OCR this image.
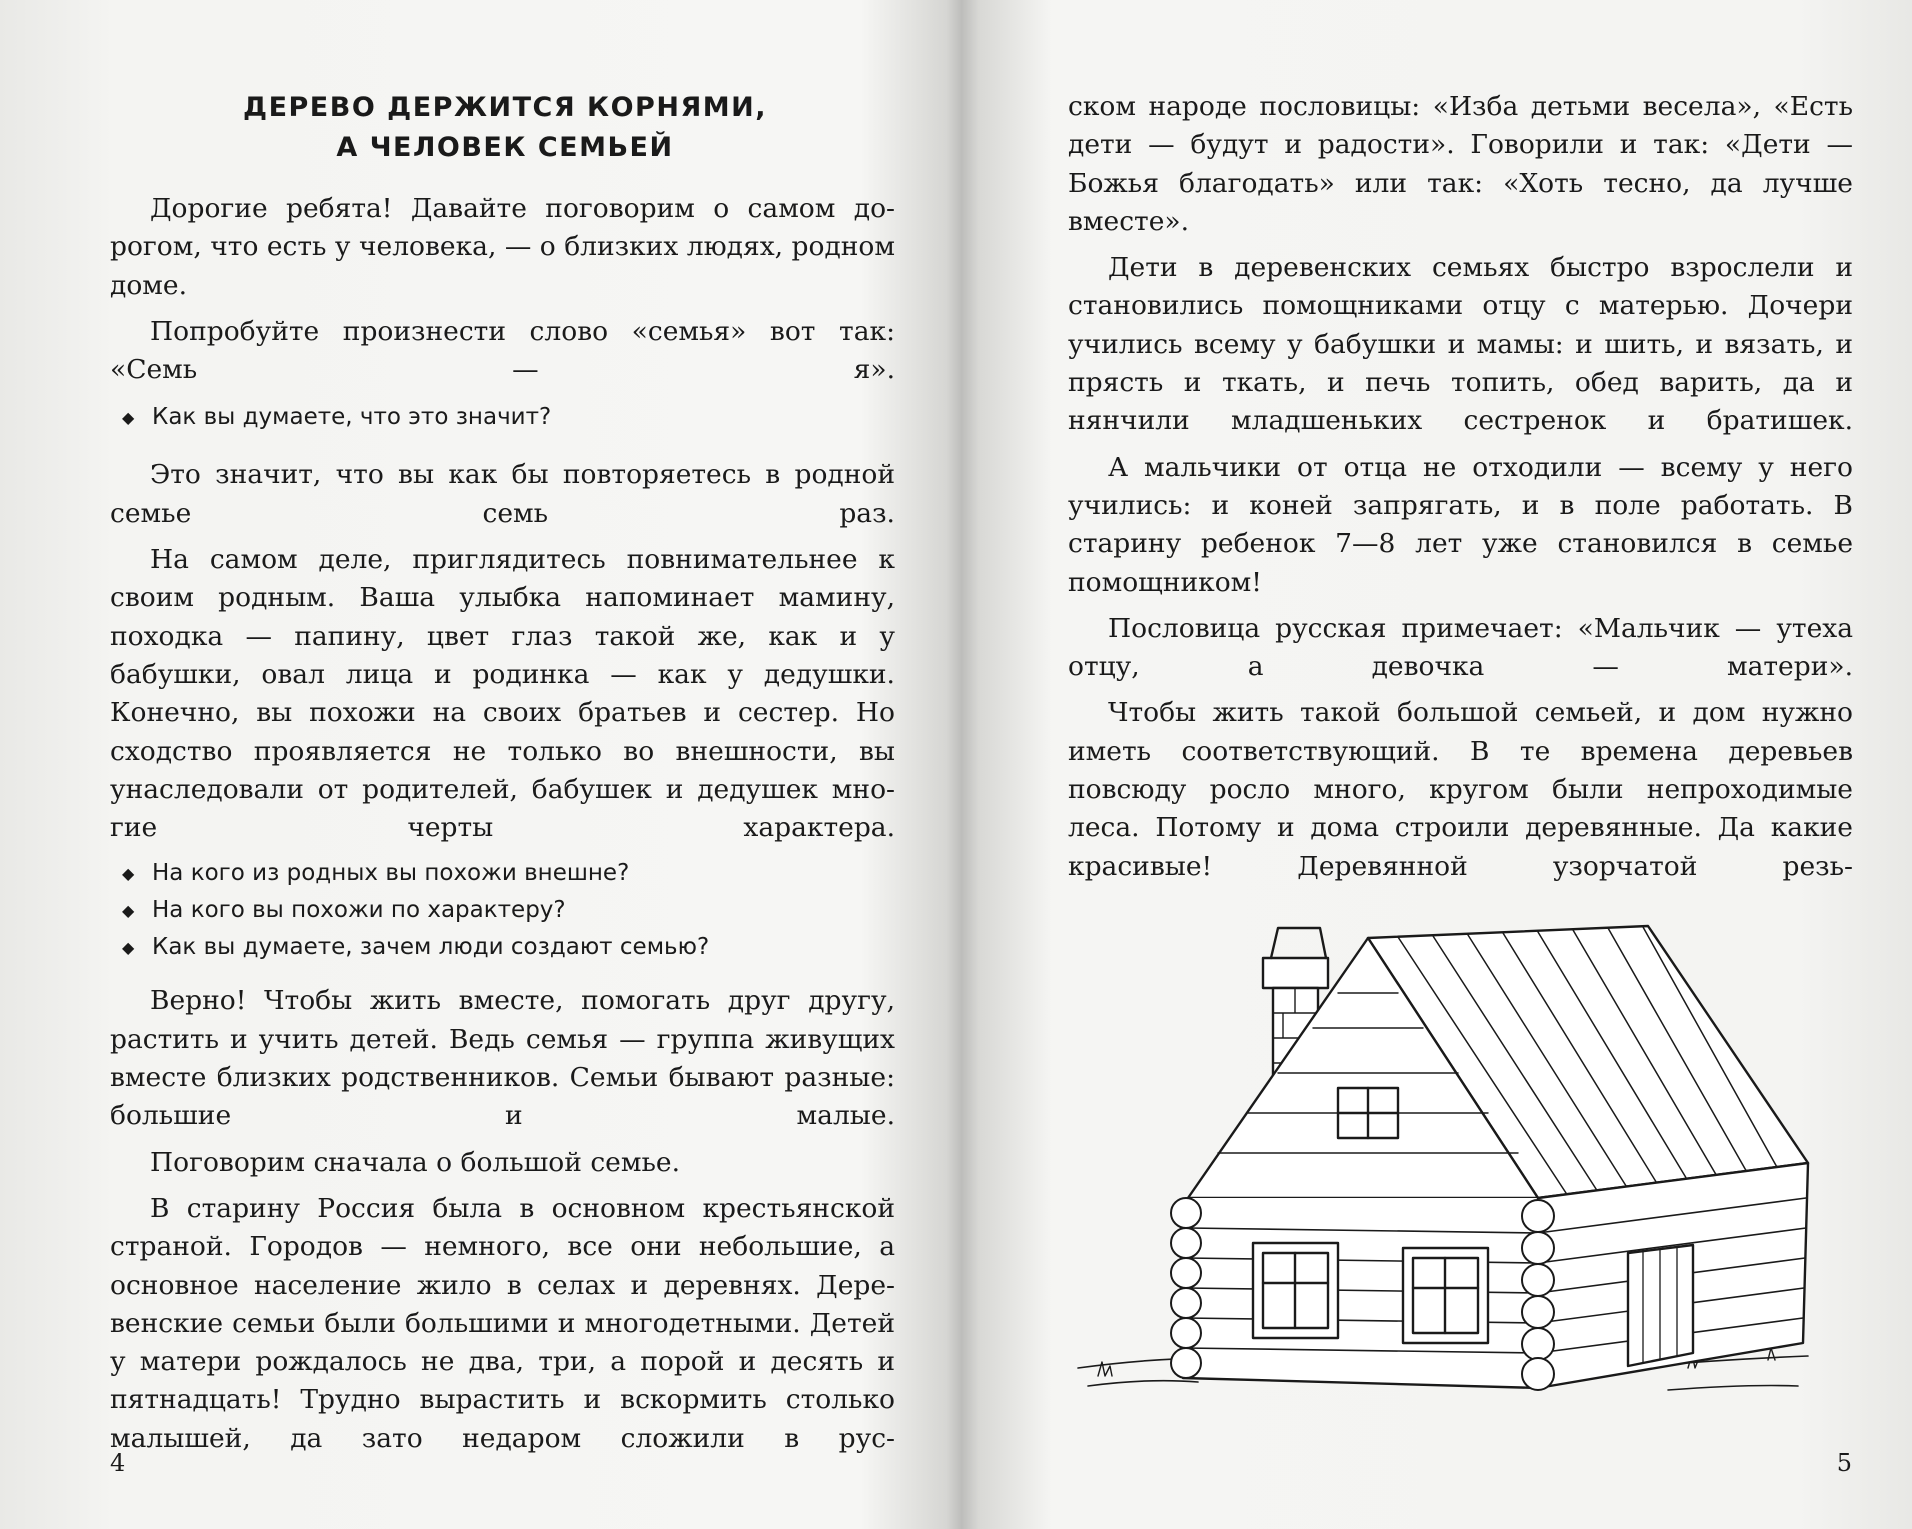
ДЕРЕВО ДЕРЖИТСЯ КОРНЯМИ,
А ЧЕЛОВЕК СЕМЬЕЙ

Дорогие ребята! Давайте поговорим о самом дорогом, что есть у человека, — о близких людях, родном доме.

Попробуйте произнести слово «семья» вот так: «Семь — я».

◆ Как вы думаете, что это значит?

Это значит, что вы как бы повторяетесь в родной семье семь раз.

На самом деле, приглядитесь повнимательнее к своим родным. Ваша улыбка напоминает мамину, походка — папину, цвет глаз такой же, как и у бабушки, овал лица и родинка — как у дедушки. Конечно, вы похожи на своих братьев и сестер. Но сходство проявляется не только во внешности, вы унаследовали от родителей, бабушек и дедушек многие черты характера.

◆ На кого из родных вы похожи внешне?
◆ На кого вы похожи по характеру?
◆ Как вы думаете, зачем люди создают семью?

Верно! Чтобы жить вместе, помогать друг другу, растить и учить детей. Ведь семья — группа живущих вместе близких родственников. Семьи бывают разные: большие и малые.

Поговорим сначала о большой семье.

В старину Россия была в основном крестьянской страной. Городов — немного, все они небольшие, а основное население жило в селах и деревнях. Деревенские семьи были большими и многодетными. Детей у матери рождалось не два, три, а порой и десять и пятнадцать! Трудно вырастить и вскормить столько малышей, да зато недаром сложили в рус-

4

ском народе пословицы: «Изба детьми весела», «Есть дети — будут и радости». Говорили и так: «Дети — Божья благодать» или так: «Хоть тесно, да лучше вместе».

Дети в деревенских семьях быстро взрослели и становились помощниками отцу с матерью. Дочери учились всему у бабушки и мамы: и шить, и вязать, и прясть и ткать, и печь топить, обед варить, да и нянчили младшеньких сестренок и братишек.

А мальчики от отца не отходили — всему у него учились: и коней запрягать, и в поле работать. В старину ребенок 7—8 лет уже становился в семье помощником!

Пословица русская примечает: «Мальчик — утеха отцу, а девочка — матери».

Чтобы жить такой большой семьей, и дом нужно иметь соответствующий. В те времена деревьев повсюду росло много, кругом были непроходимые леса. Потому и дома строили деревянные. Да какие красивые! Деревянной узорчатой резь-

5
